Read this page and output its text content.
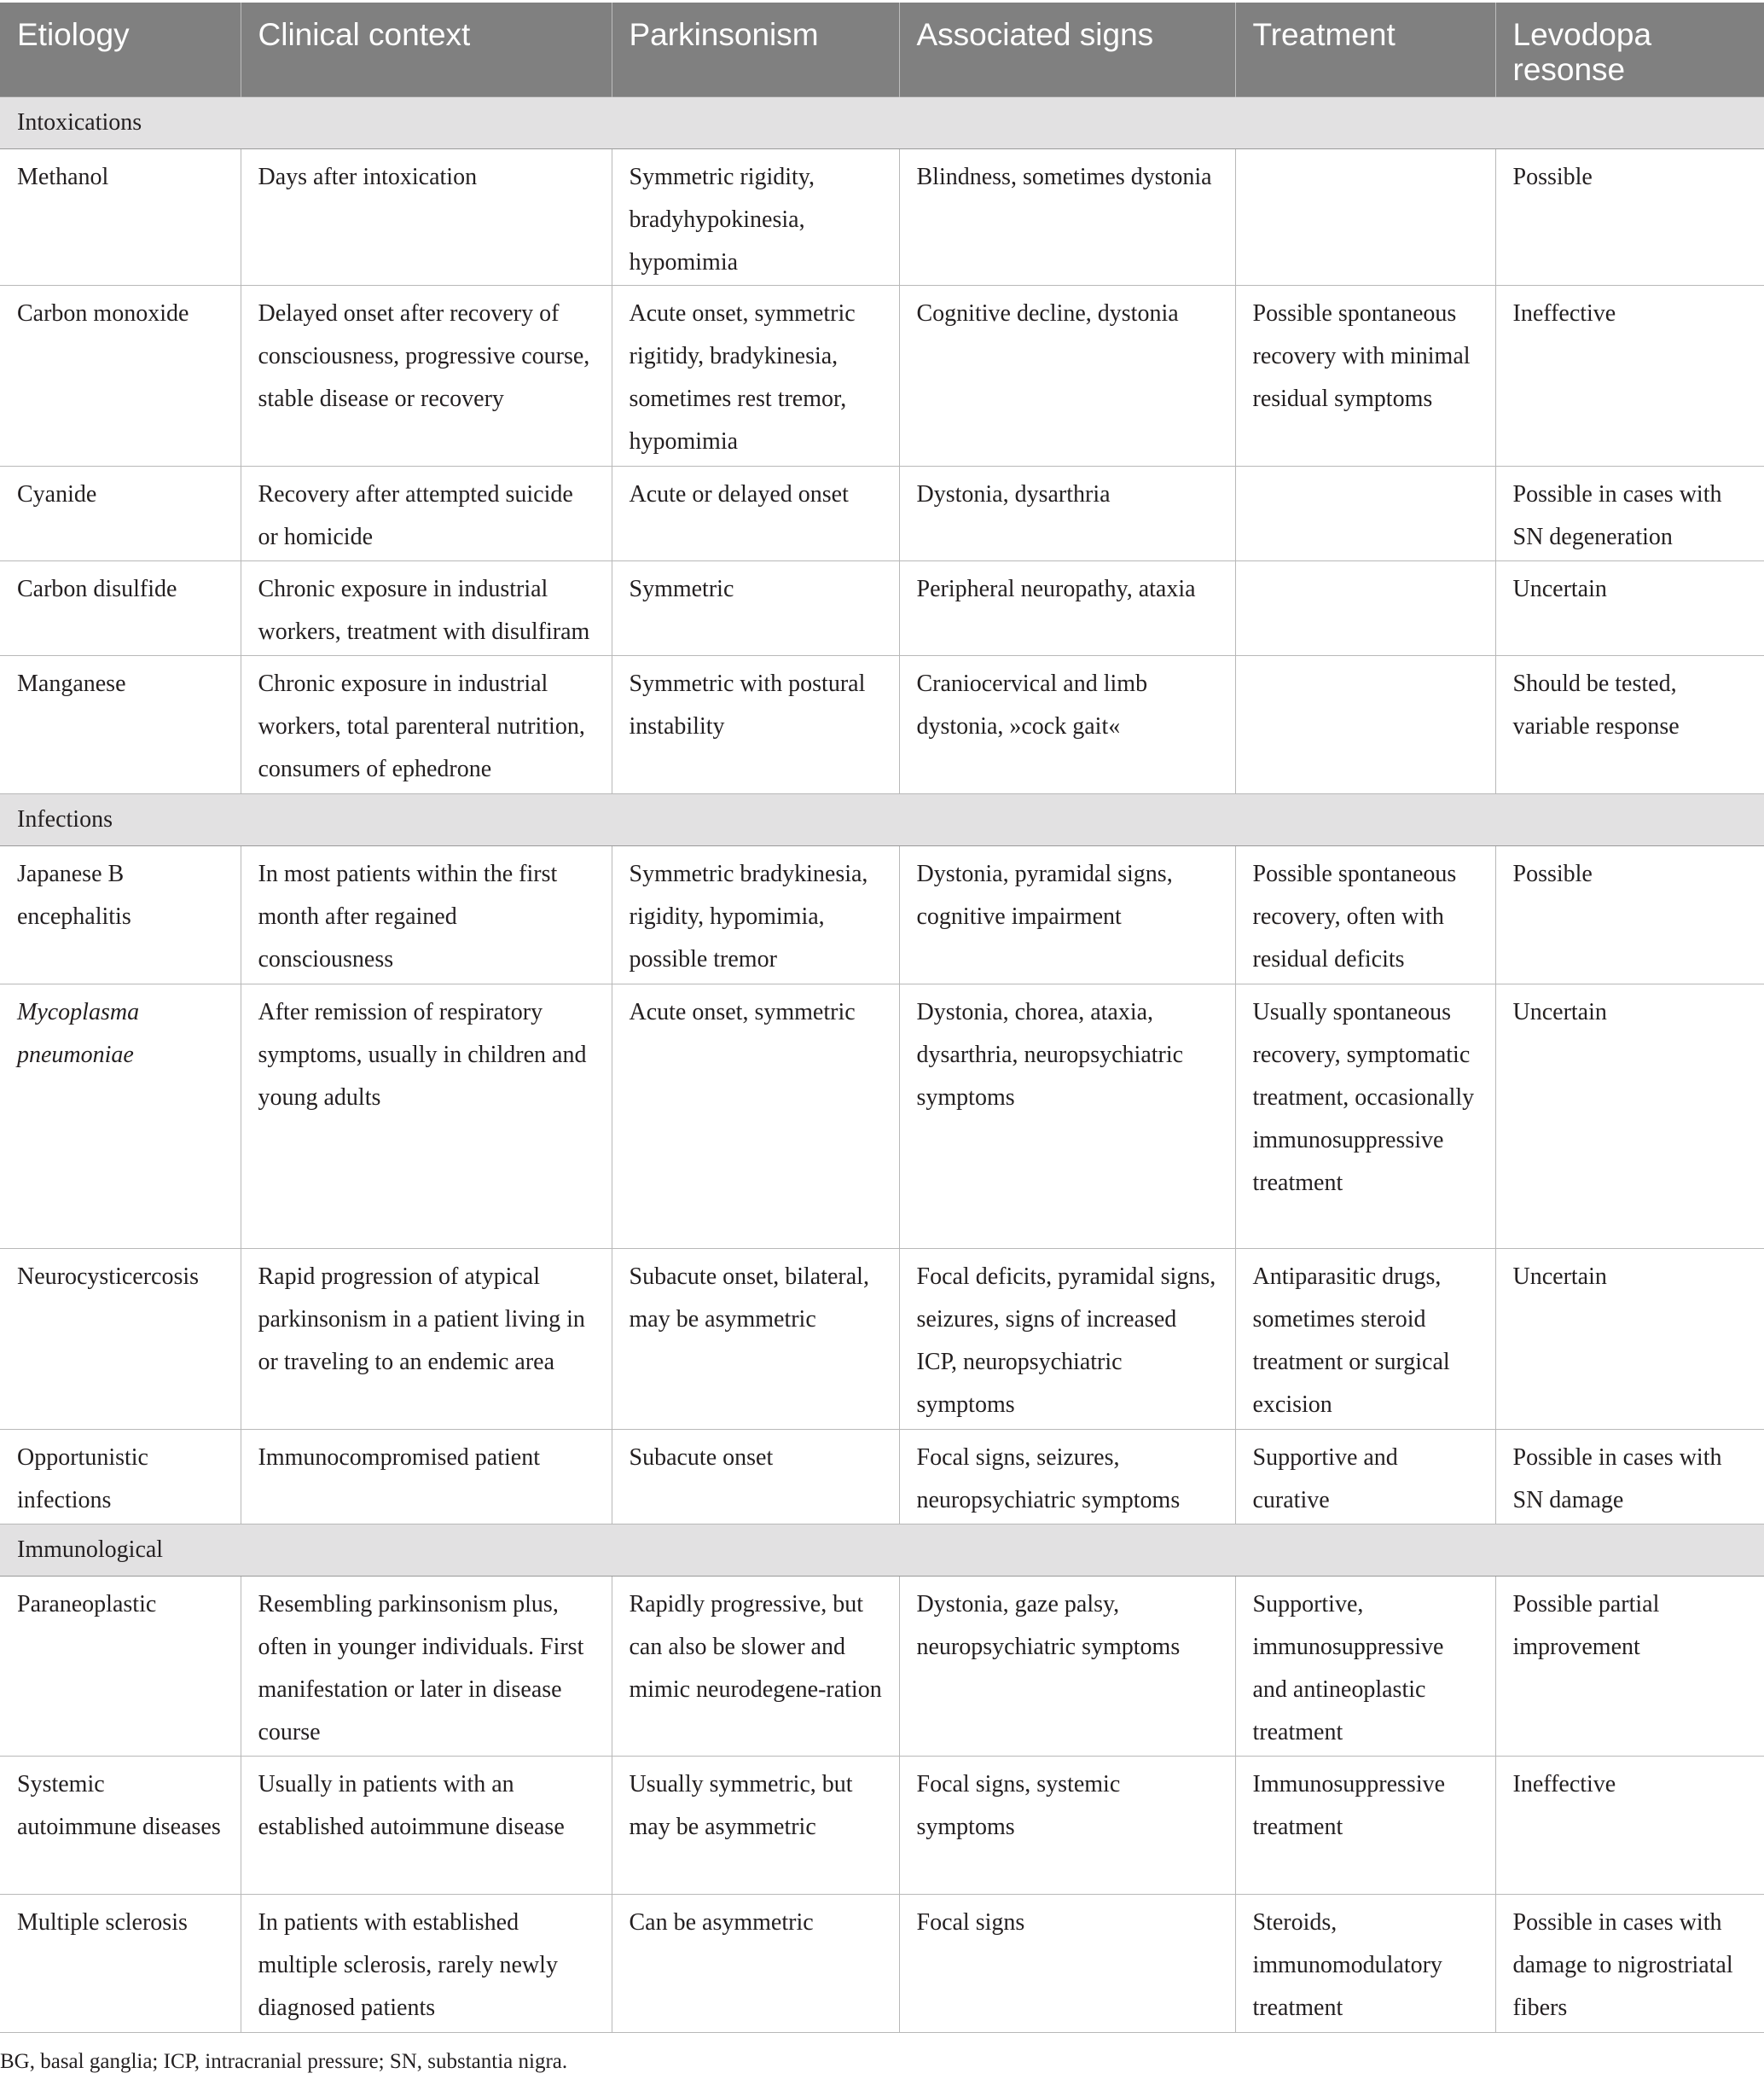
Etiology	Clinical context	Parkinsonism	Associated signs	Treatment	Levodopa resonse
Intoxications					

Methanol	Days after intoxication	Symmetric rigidity, bradyhypokinesia, hypomimia	Blindness, sometimes dystonia		Possible

Carbon monoxide	Delayed onset after recovery of consciousness, progressive course, stable disease or recovery	Acute onset, symmetric rigitidy, bradykinesia, sometimes rest tremor, hypomimia	Cognitive decline, dystonia	Possible spontaneous recovery with minimal residual symptoms	Ineffective

Cyanide	Recovery after attempted suicide or homicide	Acute or delayed onset	Dystonia, dysarthria		Possible in cases with SN degeneration

Carbon disulfide	Chronic exposure in industrial workers, treatment with disulfiram	Symmetric	Peripheral neuropathy, ataxia		Uncertain

Manganese	Chronic exposure in industrial workers, total parenteral nutrition, consumers of ephedrone	Symmetric with postural instability	Craniocervical and limb dystonia, »cock gait«		Should be tested, variable response

Infections					

Japanese B encephalitis	In most patients within the first month after regained consciousness	Symmetric bradykinesia, rigidity, hypomimia, possible tremor	Dystonia, pyramidal signs, cognitive impairment	Possible spontaneous recovery, often with residual deficits	Possible

Mycoplasma pneumoniae	After remission of respiratory symptoms, usually in children and young adults	Acute onset, symmetric	Dystonia, chorea, ataxia, dysarthria, neuropsychiatric symptoms	Usually spontaneous recovery, symptomatic treatment, occasionally immunosuppressive treatment	Uncertain

Neurocysticercosis	Rapid progression of atypical parkinsonism in a patient living in or traveling to an endemic area	Subacute onset, bilateral, may be asymmetric	Focal deficits, pyramidal signs, seizures, signs of increased ICP, neuropsychiatric symptoms	Antiparasitic drugs, sometimes steroid treatment or surgical excision	Uncertain

Opportunistic infections	Immunocompromised patient	Subacute onset	Focal signs, seizures, neuropsychiatric symptoms	Supportive and curative	Possible in cases with SN damage

Immunological					

Paraneoplastic	Resembling parkinsonism plus, often in younger individuals. First manifestation or later in disease course	Rapidly progressive, but can also be slower and mimic neurodegene-ration	Dystonia, gaze palsy, neuropsychiatric symptoms	Supportive, immunosuppressive and antineoplastic treatment	Possible partial improvement

Systemic autoimmune diseases	Usually in patients with an established autoimmune disease	Usually symmetric, but may be asymmetric	Focal signs, systemic symptoms	Immunosuppressive treatment	Ineffective

Multiple sclerosis	In patients with established multiple sclerosis, rarely newly diagnosed patients	Can be asymmetric	Focal signs	Steroids, immunomodulatory treatment	Possible in cases with damage to nigrostriatal fibers
BG, basal ganglia; ICP, intracranial pressure; SN, substantia nigra.
